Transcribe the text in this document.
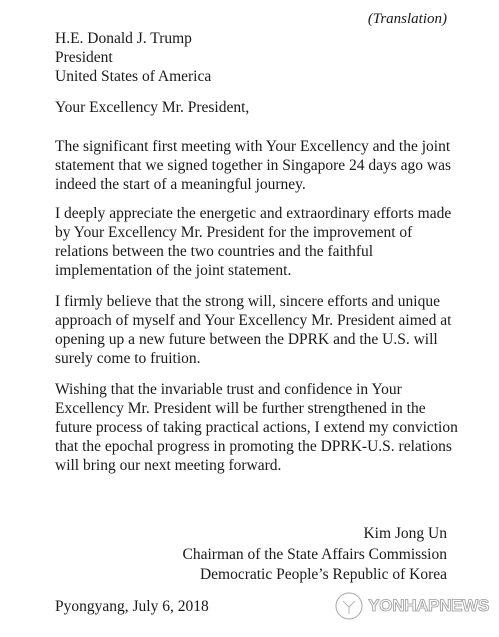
(Translation)
H.E. Donald J. Trump
President
United States of America
Your Excellency Mr. President,
The significant first meeting with Your Excellency and the joint
statement that we signed together in Singapore 24 days ago was
indeed the start of a meaningful journey.
I deeply appreciate the energetic and extraordinary efforts made
by Your Excellency Mr. President for the improvement of
relations between the two countries and the faithful
implementation of the joint statement.
I firmly believe that the strong will, sincere efforts and unique
approach of myself and Your Excellency Mr. President aimed at
opening up a new future between the DPRK and the U.S. will
surely come to fruition.
Wishing that the invariable trust and confidence in Your
Excellency Mr. President will be further strengthened in the
future process of taking practical actions, I extend my conviction
that the epochal progress in promoting the DPRK-U.S. relations
will bring our next meeting forward.
Kim Jong Un
Chairman of the State Affairs Commission
Democratic People’s Republic of Korea
Pyongyang, July 6, 2018	YONHAPNEWS
